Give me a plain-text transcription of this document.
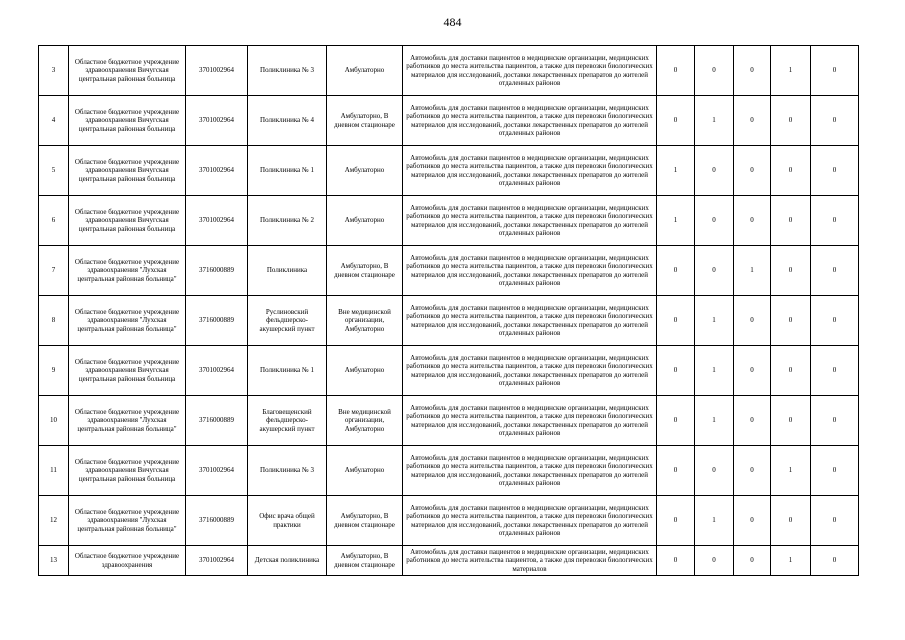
484
3	Областное бюджетное учреждение здравоохранения Вичугская центральная районная больница	3701002964	Поликлиника № 3	Амбулаторно	Автомобиль для доставки пациентов в медицинские организации, медицинских работников до места жительства пациентов, а также для перевозки биологических материалов для исследований, доставки лекарственных препаратов до жителей отдаленных районов	0	0	0	1	0

4	Областное бюджетное учреждение здравоохранения Вичугская центральная районная больница	3701002964	Поликлиника № 4	Амбулаторно, В дневном стационаре	Автомобиль для доставки пациентов в медицинские организации, медицинских работников до места жительства пациентов, а также для перевозки биологических материалов для исследований, доставки лекарственных препаратов до жителей отдаленных районов	0	1	0	0	0

5	Областное бюджетное учреждение здравоохранения Вичугская центральная районная больница	3701002964	Поликлиника № 1	Амбулаторно	Автомобиль для доставки пациентов в медицинские организации, медицинских работников до места жительства пациентов, а также для перевозки биологических материалов для исследований, доставки лекарственных препаратов до жителей отдаленных районов	1	0	0	0	0

6	Областное бюджетное учреждение здравоохранения Вичугская центральная районная больница	3701002964	Поликлиника № 2	Амбулаторно	Автомобиль для доставки пациентов в медицинские организации, медицинских работников до места жительства пациентов, а также для перевозки биологических материалов для исследований, доставки лекарственных препаратов до жителей отдаленных районов	1	0	0	0	0

7	Областное бюджетное учреждение здравоохранения "Лухская центральная районная больница"	3716000889	Поликлиника	Амбулаторно, В дневном стационаре	Автомобиль для доставки пациентов в медицинские организации, медицинских работников до места жительства пациентов, а также для перевозки биологических материалов для исследований, доставки лекарственных препаратов до жителей отдаленных районов	0	0	1	0	0

8	Областное бюджетное учреждение здравоохранения "Лухская центральная районная больница"	3716000889	Руслиновский фельдшерско-акушерский пункт	Вне медицинской организации, Амбулаторно	Автомобиль для доставки пациентов в медицинские организации, медицинских работников до места жительства пациентов, а также для перевозки биологических материалов для исследований, доставки лекарственных препаратов до жителей отдаленных районов	0	1	0	0	0

9	Областное бюджетное учреждение здравоохранения Вичугская центральная районная больница	3701002964	Поликлиника № 1	Амбулаторно	Автомобиль для доставки пациентов в медицинские организации, медицинских работников до места жительства пациентов, а также для перевозки биологических материалов для исследований, доставки лекарственных препаратов до жителей отдаленных районов	0	1	0	0	0

10	Областное бюджетное учреждение здравоохранения "Лухская центральная районная больница"	3716000889	Благовещенский фельдшерско-акушерский пункт	Вне медицинской организации, Амбулаторно	Автомобиль для доставки пациентов в медицинские организации, медицинских работников до места жительства пациентов, а также для перевозки биологических материалов для исследований, доставки лекарственных препаратов до жителей отдаленных районов	0	1	0	0	0

11	Областное бюджетное учреждение здравоохранения Вичугская центральная районная больница	3701002964	Поликлиника № 3	Амбулаторно	Автомобиль для доставки пациентов в медицинские организации, медицинских работников до места жительства пациентов, а также для перевозки биологических материалов для исследований, доставки лекарственных препаратов до жителей отдаленных районов	0	0	0	1	0

12	Областное бюджетное учреждение здравоохранения "Лухская центральная районная больница"	3716000889	Офис врача общей практики	Амбулаторно, В дневном стационаре	Автомобиль для доставки пациентов в медицинские организации, медицинских работников до места жительства пациентов, а также для перевозки биологических материалов для исследований, доставки лекарственных препаратов до жителей отдаленных районов	0	1	0	0	0

13	Областное бюджетное учреждение здравоохранения	3701002964	Детская поликлиника	Амбулаторно, В дневном стационаре	Автомобиль для доставки пациентов в медицинские организации, медицинских работников до места жительства пациентов, а также для перевозки биологических материалов	0	0	0	1	0
